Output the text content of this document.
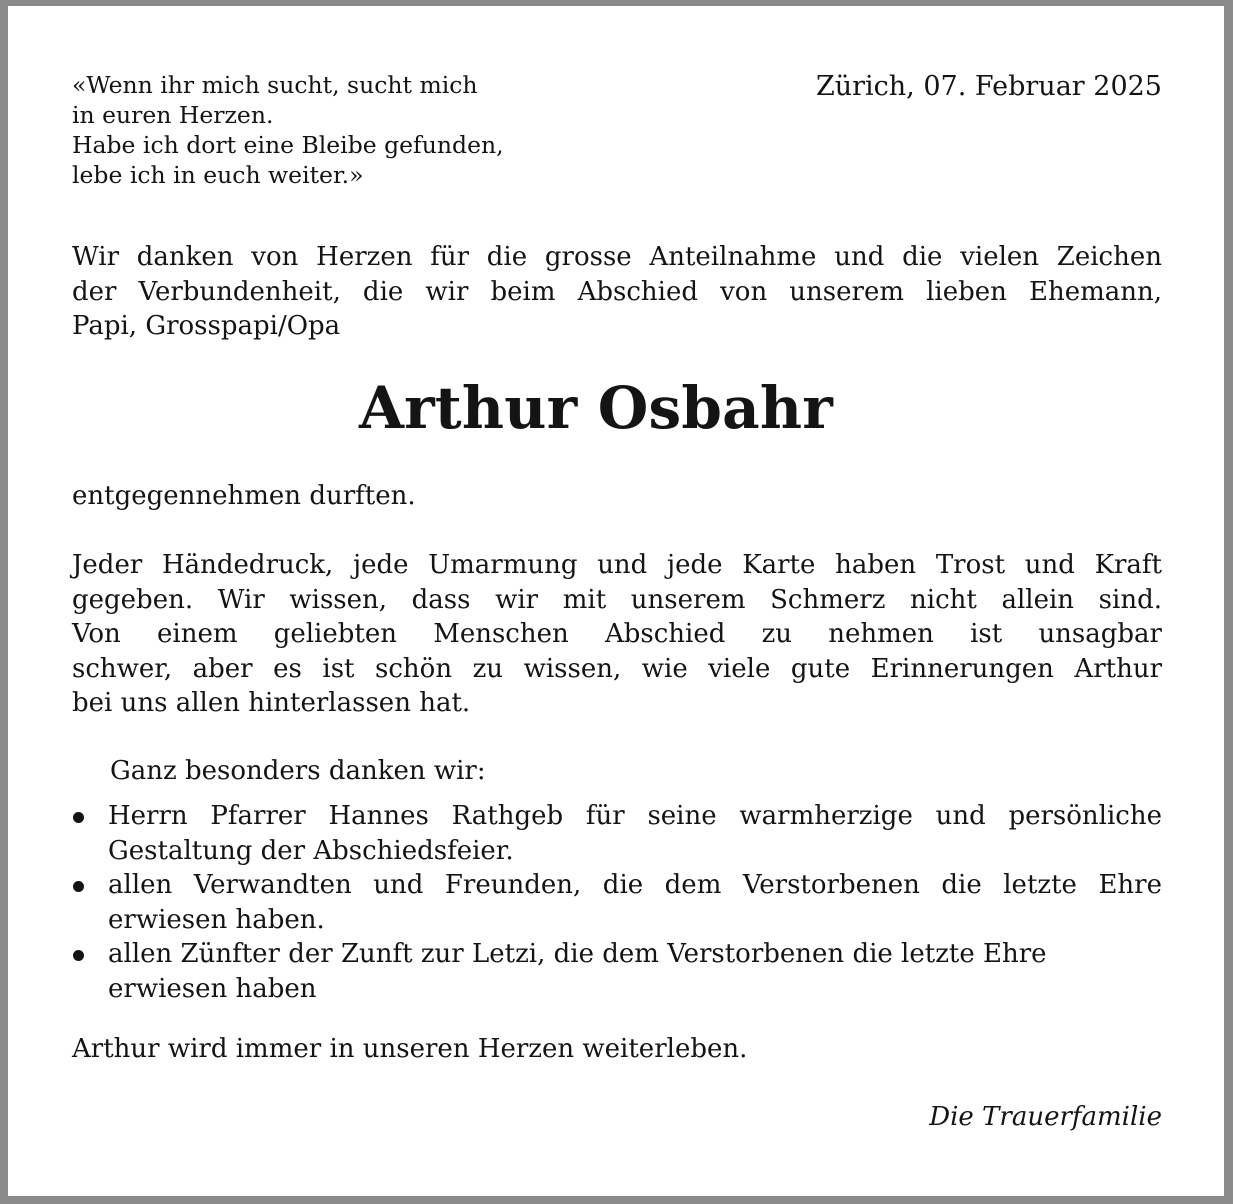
«Wenn ihr mich sucht, sucht mich
in euren Herzen.
Habe ich dort eine Bleibe gefunden,
lebe ich in euch weiter.»

Zürich, 07. Februar 2025

Wir danken von Herzen für die grosse Anteilnahme und die vielen Zeichen
der Verbundenheit, die wir beim Abschied von unserem lieben Ehemann,
Papi, Grosspapi/Opa

Arthur Osbahr

entgegennehmen durften.

Jeder Händedruck, jede Umarmung und jede Karte haben Trost und Kraft
gegeben. Wir wissen, dass wir mit unserem Schmerz nicht allein sind.
Von einem geliebten Menschen Abschied zu nehmen ist unsagbar
schwer, aber es ist schön zu wissen, wie viele gute Erinnerungen Arthur
bei uns allen hinterlassen hat.

Ganz besonders danken wir:

Herrn Pfarrer Hannes Rathgeb für seine warmherzige und persönliche
Gestaltung der Abschiedsfeier.
allen Verwandten und Freunden, die dem Verstorbenen die letzte Ehre
erwiesen haben.
allen Zünfter der Zunft zur Letzi, die dem Verstorbenen die letzte Ehre
erwiesen haben

Arthur wird immer in unseren Herzen weiterleben.

Die Trauerfamilie
